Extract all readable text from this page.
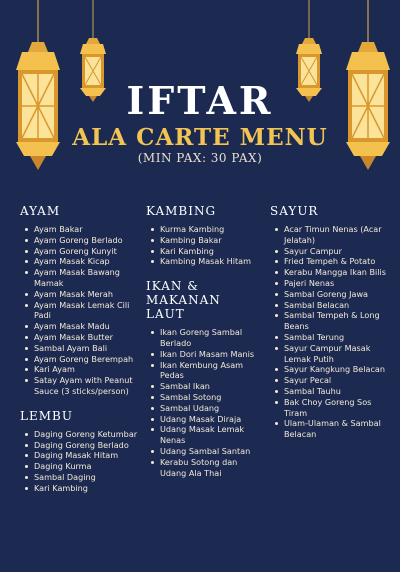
IFTAR
ALA CARTE MENU
(MIN PAX: 30 PAX)
AYAM
Ayam Bakar
Ayam Goreng Berlado
Ayam Goreng Kunyit
Ayam Masak Kicap
Ayam Masak Bawang Mamak
Ayam Masak Merah
Ayam Masak Lemak Cili Padi
Ayam Masak Madu
Ayam Masak Butter
Sambal Ayam Bali
Ayam Goreng Berempah
Kari Ayam
Satay Ayam with Peanut Sauce (3 sticks/person)
LEMBU
Daging Goreng Ketumbar
Daging Goreng Berlado
Daging Masak Hitam
Daging Kurma
Sambal Daging
Kari Kambing
KAMBING
Kurma Kambing
Kambing Bakar
Kari Kambing
Kambing Masak Hitam
IKAN & MAKANAN LAUT
Ikan Goreng Sambal Berlado
Ikan Dori Masam Manis
Ikan Kembung Asam Pedas
Sambal Ikan
Sambal Sotong
Sambal Udang
Udang Masak Diraja
Udang Masak Lemak Nenas
Udang Sambal Santan
Kerabu Sotong dan Udang Ala Thai
SAYUR
Acar Timun Nenas (Acar Jelatah)
Sayur Campur
Fried Tempeh & Potato
Kerabu Mangga Ikan Bilis
Pajeri Nenas
Sambal Goreng Jawa
Sambal Belacan
Sambal Tempeh & Long Beans
Sambal Terung
Sayur Campur Masak Lemak Putih
Sayur Kangkung Belacan
Sayur Pecal
Sambal Tauhu
Bak Choy Goreng Sos Tiram
Ulam-Ulaman & Sambal Belacan
